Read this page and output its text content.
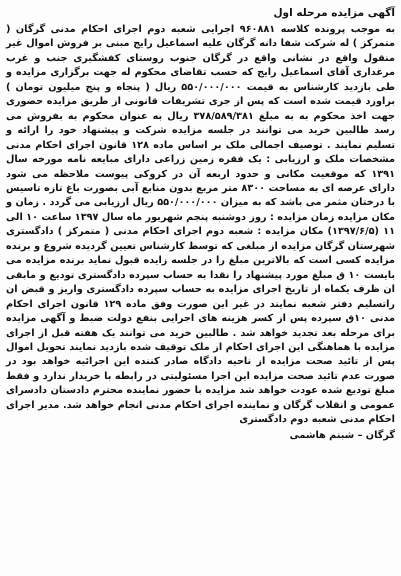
آگهی مزایده مرحله اول

به موجب پرونده کلاسه ۹۶۰۸۸۱ اجرایی شعبه دوم اجرای احکام مدنی گرگان ( متمرکز ) له شرکت شفا دانه گرگان علیه اسماعیل رایج مبنی بر فروش اموال غیر منقول واقع در نشانی واقع در گرگان جنوب روستای کفشگیری جنب و غرب مرغداری آقای اسماعیل رایج که حسب تقاضای محکوم له جهت برگزاری مزایده و طی بازدید کارشناس به قیمت ۵۵۰/۰۰۰/۰۰۰ ریال ( پنجاه و پنج میلیون تومان ) براورد قیمت شده است که پس از جری تشریفات قانونی از طریق مزایده حضوری جهت اخذ محکوم به به مبلغ ۳۷۸/۵۸۹/۳۸۱ ریال به عنوان محکوم به بفروش می رسد طالبین خرید می توانند در جلسه مزایده شرکت و پیشنهاد خود را ارائه و تسلیم نمایند . توصیف اجمالی ملک بر اساس ماده ۱۲۸ قانون اجرای احکام مدنی مشخصات ملک و ارزیابی : یک فقره زمین زراعی دارای مبایعه نامه مورخه سال ۱۳۹۱ که موقعیت مکانی و حدود اربعه آن در کروکی پیوست ملاحظه می شود دارای عرصه ای به مساحت ۸۳۰۰ متر مربع بدون منابع آبی بصورت باغ تازه تاسیس با درختان مثمر می باشد که به میزان ۵۵۰/۰۰۰/۰۰۰ ریال ارزیابی می گردد . زمان و مکان مزایده زمان مزایده : روز دوشنبه پنجم شهریور ماه سال ۱۳۹۷ ساعت ۱۰ الی ۱۱ (۱۳۹۷/۶/۵) مکان مزایده : شعبه دوم اجرای احکام مدنی ( متمرکز ) دادگستری شهرستان گرگان مزایده از مبلغی که توسط کارشناس تعیین گردیده شروع و برنده مزایده کسی است که بالاترین مبلغ را در جلسه زایده قبول نماید برنده مزایده می بایست ۱۰ ق مبلغ مورد پیشنهاد را نقدا به حساب سپرده دادگستری تودیع و مابقی ان ظرف یکماه از تاریخ اجرای مزایده به حساب سپرده دادگستری واریز و قبض ان راتسلیم دفتر شعبه نمایند در غیر این صورت وفق ماده ۱۲۹ قانون اجرای احکام مدنی ۱۰ق سپرده پس از کسر هزینه های اجرایی بنفع دولت ضبط و آگهی مزایده برای مرحله بعد تجدید خواهد شد . طالبین خرید می توانند یک هفته قبل از اجرای مزایده با هماهنگی این اجرای احکام از ملک توقیف شده بازدید نمایند تحویل اموال پس از تائید صحت مزایده از ناحیه دادگاه صادر کننده این اجرائیه خواهد بود در صورت عدم تائید صحت مزایده این اجرا مسئولیتی در رابطه با خریدار ندارد و فقط مبلغ تودیع شده عودت خواهد شد مزایده با حضور نماینده محترم دادستان دادسرای عمومی و انقلاب گرگان و نماینده اجرای احکام مدنی انجام خواهد شد. مدیر اجرای احکام مدنی شعبه دوم دادگستری

گرگان – شبنم هاشمی
